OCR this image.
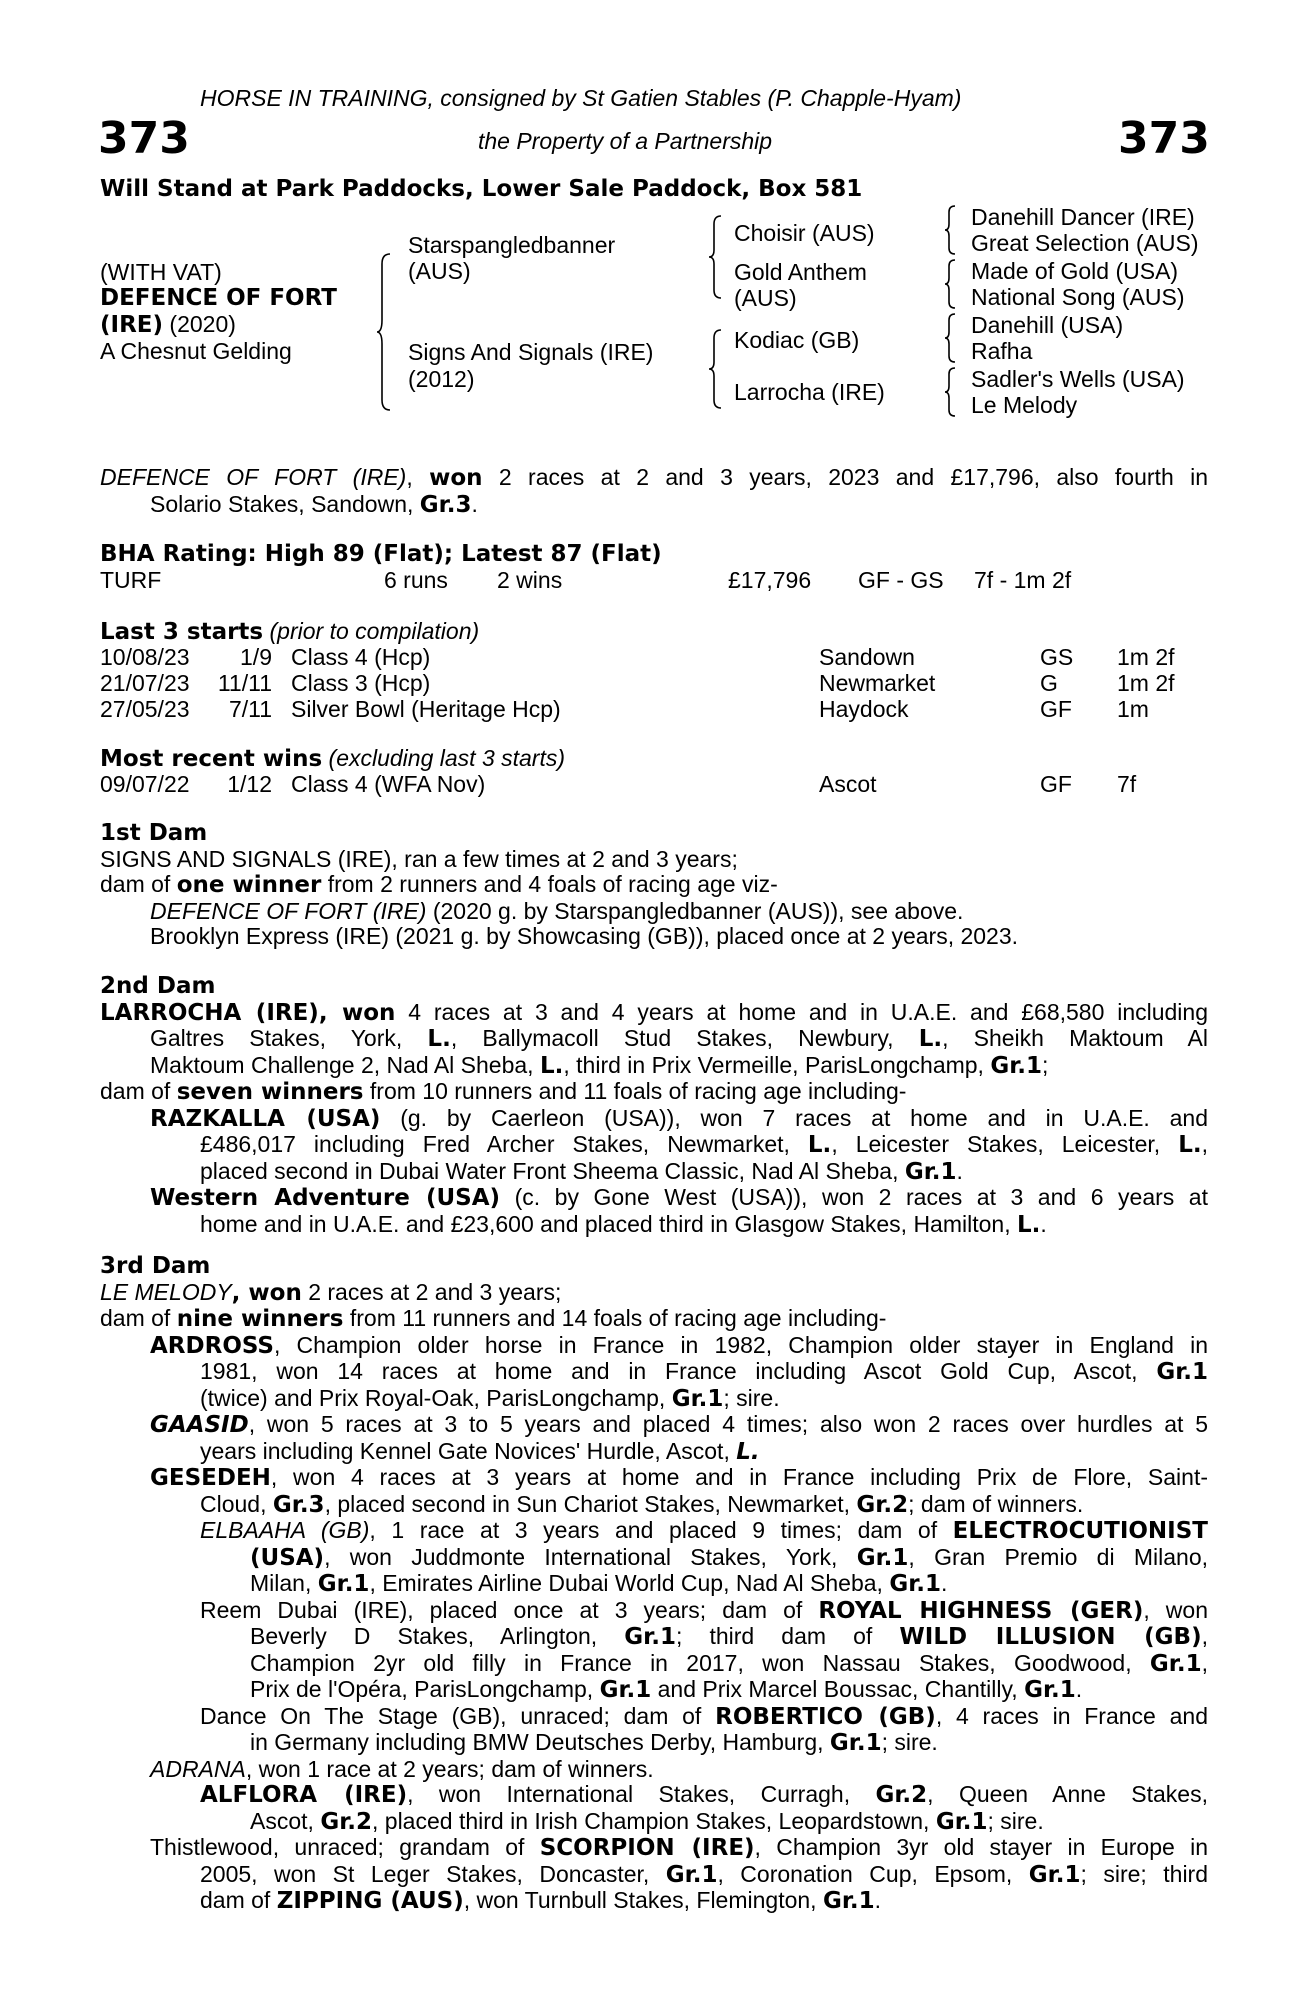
HORSE IN TRAINING, consigned by St Gatien Stables (P. Chapple-Hyam)
373	the Property of a Partnership	373
Will Stand at Park Paddocks, Lower Sale Paddock, Box 581
(WITH VAT)
DEFENCE OF FORT
(IRE) (2020)
A Chesnut Gelding
Starspangledbanner
(AUS)
Signs And Signals (IRE)
(2012)
Choisir (AUS)
Gold Anthem
(AUS)
Kodiac (GB)
Larrocha (IRE)
Danehill Dancer (IRE)
Great Selection (AUS)
Made of Gold (USA)
National Song (AUS)
Danehill (USA)
Rafha
Sadler's Wells (USA)
Le Melody
DEFENCE OF FORT (IRE), won 2 races at 2 and 3 years, 2023 and £17,796, also fourth in
Solario Stakes, Sandown, Gr.3.
BHA Rating: High 89 (Flat); Latest 87 (Flat)
TURF	6 runs 2 wins	£17,796 GF - GS 7f - 1m 2f
Last 3 starts (prior to compilation)
10/08/23	1/9 Class 4 (Hcp)	Sandown	GS 1m 2f
21/07/23 11/11 Class 3 (Hcp)	Newmarket	G	1m 2f
27/05/23	7/11 Silver Bowl (Heritage Hcp)	Haydock	GF 1m
Most recent wins (excluding last 3 starts)
09/07/22	1/12 Class 4 (WFA Nov)	Ascot	GF 7f
1st Dam
SIGNS AND SIGNALS (IRE), ran a few times at 2 and 3 years;
dam of one winner from 2 runners and 4 foals of racing age viz-
DEFENCE OF FORT (IRE) (2020 g. by Starspangledbanner (AUS)), see above.
Brooklyn Express (IRE) (2021 g. by Showcasing (GB)), placed once at 2 years, 2023.
2nd Dam
LARROCHA (IRE), won 4 races at 3 and 4 years at home and in U.A.E. and £68,580 including
Galtres Stakes, York, L., Ballymacoll Stud Stakes, Newbury, L., Sheikh Maktoum Al
Maktoum Challenge 2, Nad Al Sheba, L., third in Prix Vermeille, ParisLongchamp, Gr.1;
dam of seven winners from 10 runners and 11 foals of racing age including-
RAZKALLA (USA) (g. by Caerleon (USA)), won 7 races at home and in U.A.E. and
£486,017 including Fred Archer Stakes, Newmarket, L., Leicester Stakes, Leicester, L.,
placed second in Dubai Water Front Sheema Classic, Nad Al Sheba, Gr.1.
Western Adventure (USA) (c. by Gone West (USA)), won 2 races at 3 and 6 years at
home and in U.A.E. and £23,600 and placed third in Glasgow Stakes, Hamilton, L..
3rd Dam
LE MELODY, won 2 races at 2 and 3 years;
dam of nine winners from 11 runners and 14 foals of racing age including-
ARDROSS, Champion older horse in France in 1982, Champion older stayer in England in
1981, won 14 races at home and in France including Ascot Gold Cup, Ascot, Gr.1
(twice) and Prix Royal-Oak, ParisLongchamp, Gr.1; sire.
GAASID, won 5 races at 3 to 5 years and placed 4 times; also won 2 races over hurdles at 5
years including Kennel Gate Novices' Hurdle, Ascot, L.
GESEDEH, won 4 races at 3 years at home and in France including Prix de Flore, Saint-
Cloud, Gr.3, placed second in Sun Chariot Stakes, Newmarket, Gr.2; dam of winners.
ELBAAHA (GB), 1 race at 3 years and placed 9 times; dam of ELECTROCUTIONIST
(USA), won Juddmonte International Stakes, York, Gr.1, Gran Premio di Milano,
Milan, Gr.1, Emirates Airline Dubai World Cup, Nad Al Sheba, Gr.1.
Reem Dubai (IRE), placed once at 3 years; dam of ROYAL HIGHNESS (GER), won
Beverly D Stakes, Arlington, Gr.1; third dam of WILD ILLUSION (GB),
Champion 2yr old filly in France in 2017, won Nassau Stakes, Goodwood, Gr.1,
Prix de l'Opéra, ParisLongchamp, Gr.1 and Prix Marcel Boussac, Chantilly, Gr.1.
Dance On The Stage (GB), unraced; dam of ROBERTICO (GB), 4 races in France and
in Germany including BMW Deutsches Derby, Hamburg, Gr.1; sire.
ADRANA, won 1 race at 2 years; dam of winners.
ALFLORA (IRE), won International Stakes, Curragh, Gr.2, Queen Anne Stakes,
Ascot, Gr.2, placed third in Irish Champion Stakes, Leopardstown, Gr.1; sire.
Thistlewood, unraced; grandam of SCORPION (IRE), Champion 3yr old stayer in Europe in
2005, won St Leger Stakes, Doncaster, Gr.1, Coronation Cup, Epsom, Gr.1; sire; third
dam of ZIPPING (AUS), won Turnbull Stakes, Flemington, Gr.1.
